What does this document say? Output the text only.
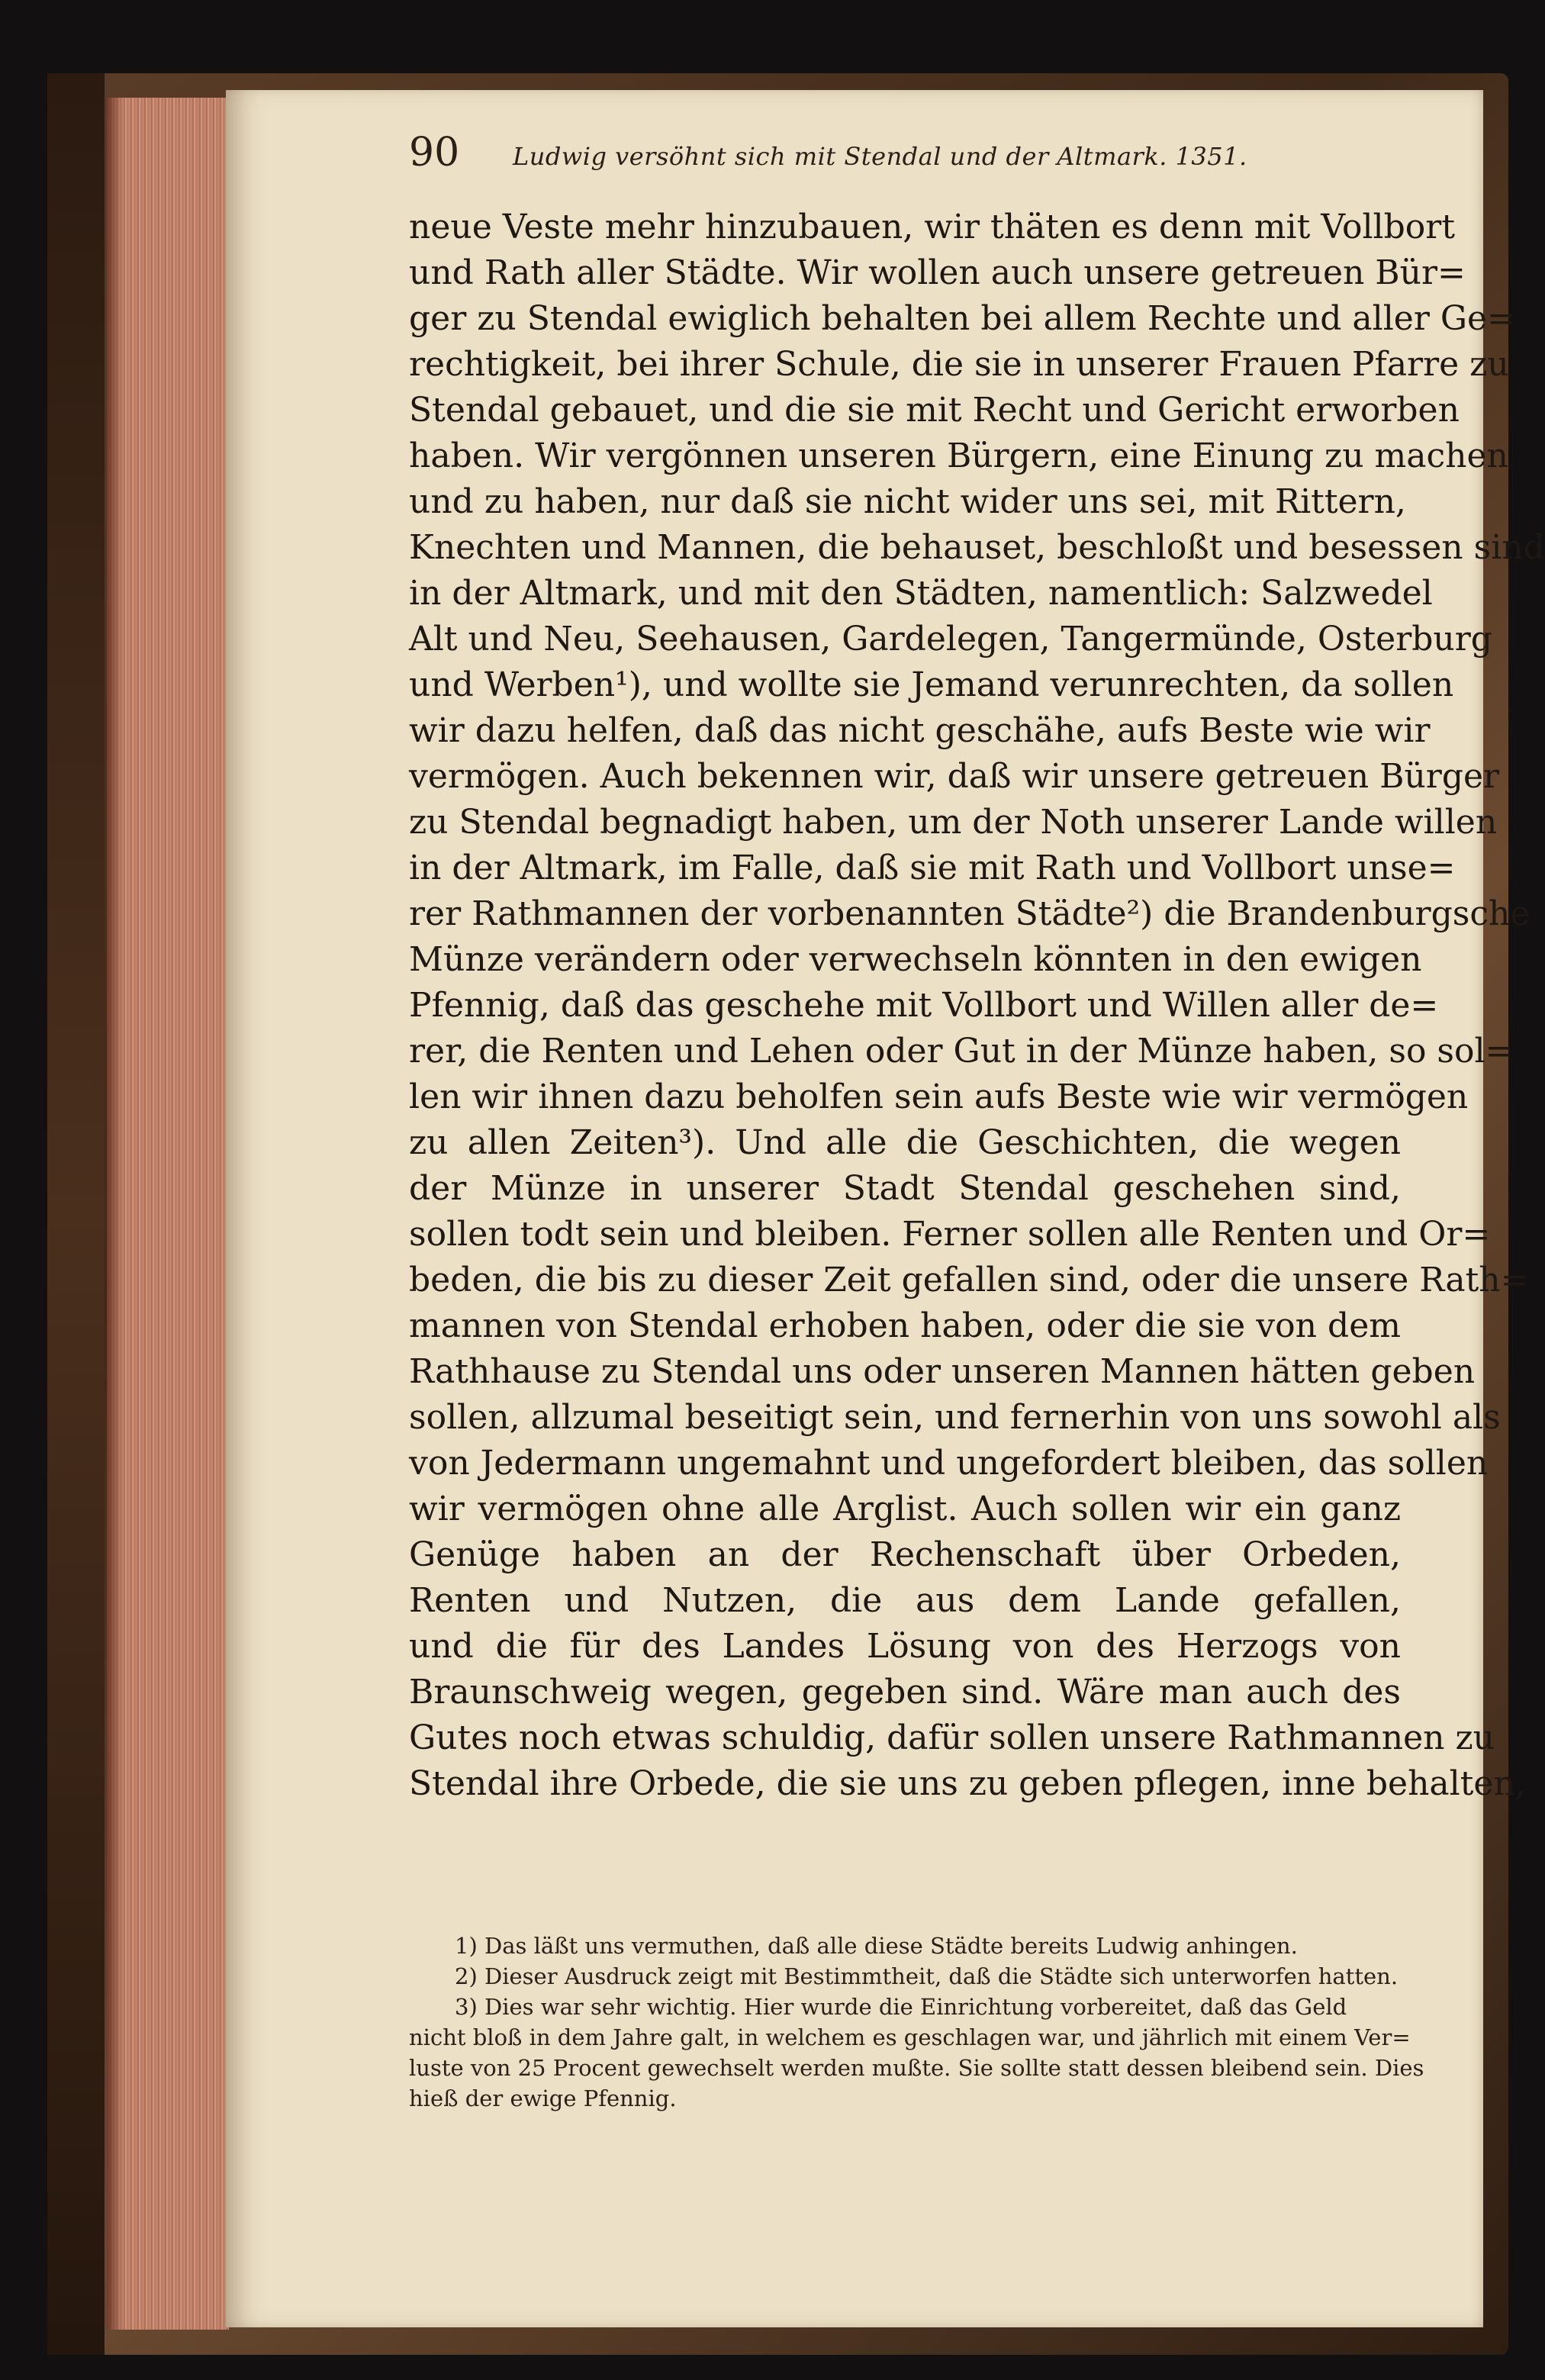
90 Ludwig versöhnt sich mit Stendal und der Altmark. 1351.
neue Veste mehr hinzubauen, wir thäten es denn mit Vollbort
und Rath aller Städte. Wir wollen auch unsere getreuen Bür=
ger zu Stendal ewiglich behalten bei allem Rechte und aller Ge=
rechtigkeit, bei ihrer Schule, die sie in unserer Frauen Pfarre zu
Stendal gebauet, und die sie mit Recht und Gericht erworben
haben. Wir vergönnen unseren Bürgern, eine Einung zu machen
und zu haben, nur daß sie nicht wider uns sei, mit Rittern,
Knechten und Mannen, die behauset, beschloßt und besessen sind
in der Altmark, und mit den Städten, namentlich: Salzwedel
Alt und Neu, Seehausen, Gardelegen, Tangermünde, Osterburg
und Werben¹), und wollte sie Jemand verunrechten, da sollen
wir dazu helfen, daß das nicht geschähe, aufs Beste wie wir
vermögen. Auch bekennen wir, daß wir unsere getreuen Bürger
zu Stendal begnadigt haben, um der Noth unserer Lande willen
in der Altmark, im Falle, daß sie mit Rath und Vollbort unse=
rer Rathmannen der vorbenannten Städte²) die Brandenburgsche
Münze verändern oder verwechseln könnten in den ewigen
Pfennig, daß das geschehe mit Vollbort und Willen aller de=
rer, die Renten und Lehen oder Gut in der Münze haben, so sol=
len wir ihnen dazu beholfen sein aufs Beste wie wir vermögen
zu allen Zeiten³). Und alle die Geschichten, die wegen
der Münze in unserer Stadt Stendal geschehen sind,
sollen todt sein und bleiben. Ferner sollen alle Renten und Or=
beden, die bis zu dieser Zeit gefallen sind, oder die unsere Rath=
mannen von Stendal erhoben haben, oder die sie von dem
Rathhause zu Stendal uns oder unseren Mannen hätten geben
sollen, allzumal beseitigt sein, und fernerhin von uns sowohl als
von Jedermann ungemahnt und ungefordert bleiben, das sollen
wir vermögen ohne alle Arglist. Auch sollen wir ein ganz
Genüge haben an der Rechenschaft über Orbeden,
Renten und Nutzen, die aus dem Lande gefallen,
und die für des Landes Lösung von des Herzogs von
Braunschweig wegen, gegeben sind. Wäre man auch des
Gutes noch etwas schuldig, dafür sollen unsere Rathmannen zu
Stendal ihre Orbede, die sie uns zu geben pflegen, inne behalten,
1) Das läßt uns vermuthen, daß alle diese Städte bereits Ludwig anhingen.
2) Dieser Ausdruck zeigt mit Bestimmtheit, daß die Städte sich unterworfen hatten.
3) Dies war sehr wichtig. Hier wurde die Einrichtung vorbereitet, daß das Geld
nicht bloß in dem Jahre galt, in welchem es geschlagen war, und jährlich mit einem Ver=
luste von 25 Procent gewechselt werden mußte. Sie sollte statt dessen bleibend sein. Dies
hieß der ewige Pfennig.
